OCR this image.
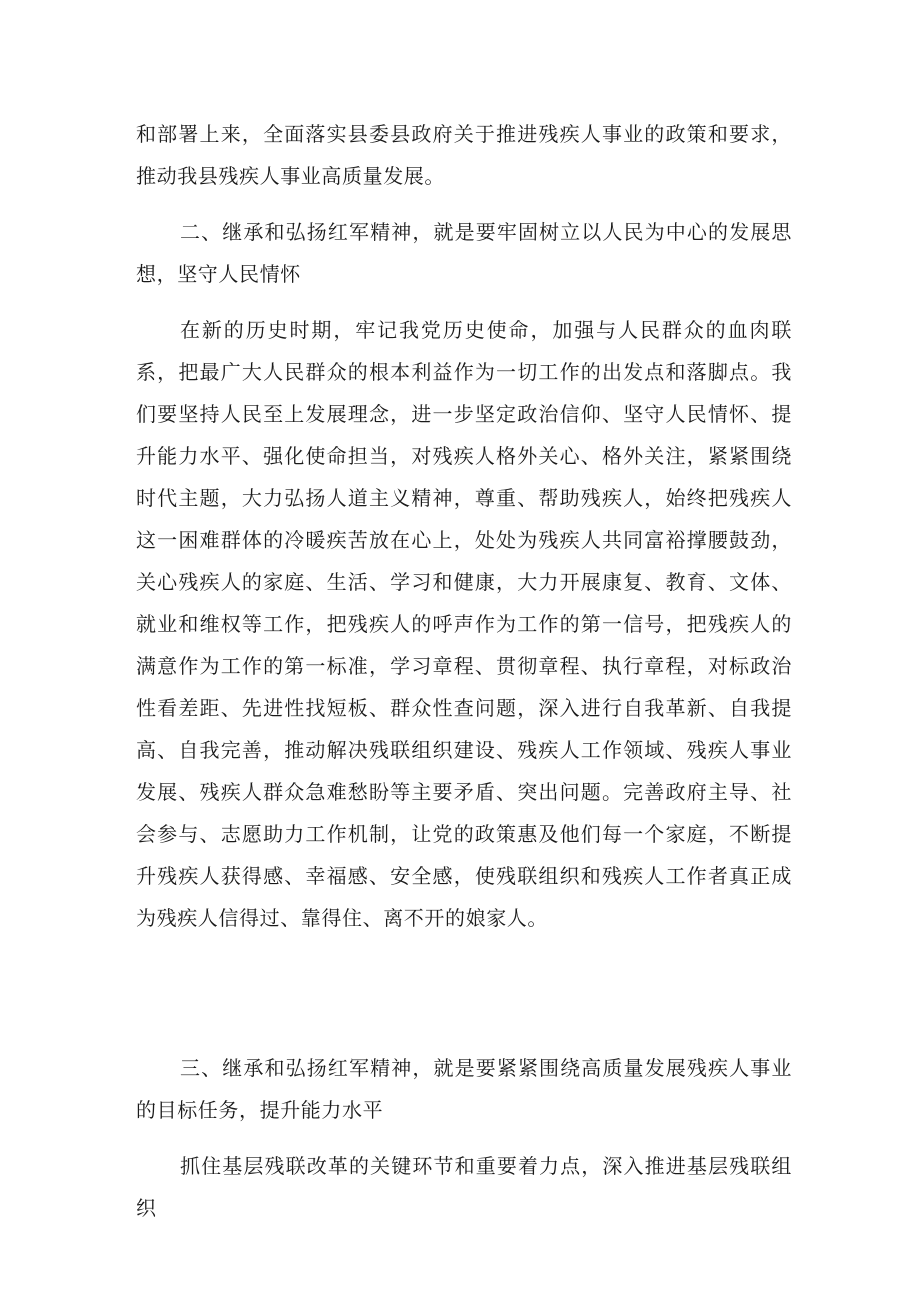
和部署上来，全面落实县委县政府关于推进残疾人事业的政策和要求，推动我县残疾人事业高质量发展。

二、继承和弘扬红军精神，就是要牢固树立以人民为中心的发展思想，坚守人民情怀

在新的历史时期，牢记我党历史使命，加强与人民群众的血肉联系，把最广大人民群众的根本利益作为一切工作的出发点和落脚点。我们要坚持人民至上发展理念，进一步坚定政治信仰、坚守人民情怀、提升能力水平、强化使命担当，对残疾人格外关心、格外关注，紧紧围绕时代主题，大力弘扬人道主义精神，尊重、帮助残疾人，始终把残疾人这一困难群体的冷暖疾苦放在心上，处处为残疾人共同富裕撑腰鼓劲，关心残疾人的家庭、生活、学习和健康，大力开展康复、教育、文体、就业和维权等工作，把残疾人的呼声作为工作的第一信号，把残疾人的满意作为工作的第一标准，学习章程、贯彻章程、执行章程，对标政治性看差距、先进性找短板、群众性查问题，深入进行自我革新、自我提高、自我完善，推动解决残联组织建设、残疾人工作领域、残疾人事业发展、残疾人群众急难愁盼等主要矛盾、突出问题。完善政府主导、社会参与、志愿助力工作机制，让党的政策惠及他们每一个家庭，不断提升残疾人获得感、幸福感、安全感，使残联组织和残疾人工作者真正成为残疾人信得过、靠得住、离不开的娘家人。

三、继承和弘扬红军精神，就是要紧紧围绕高质量发展残疾人事业的目标任务，提升能力水平

抓住基层残联改革的关键环节和重要着力点，深入推进基层残联组织
